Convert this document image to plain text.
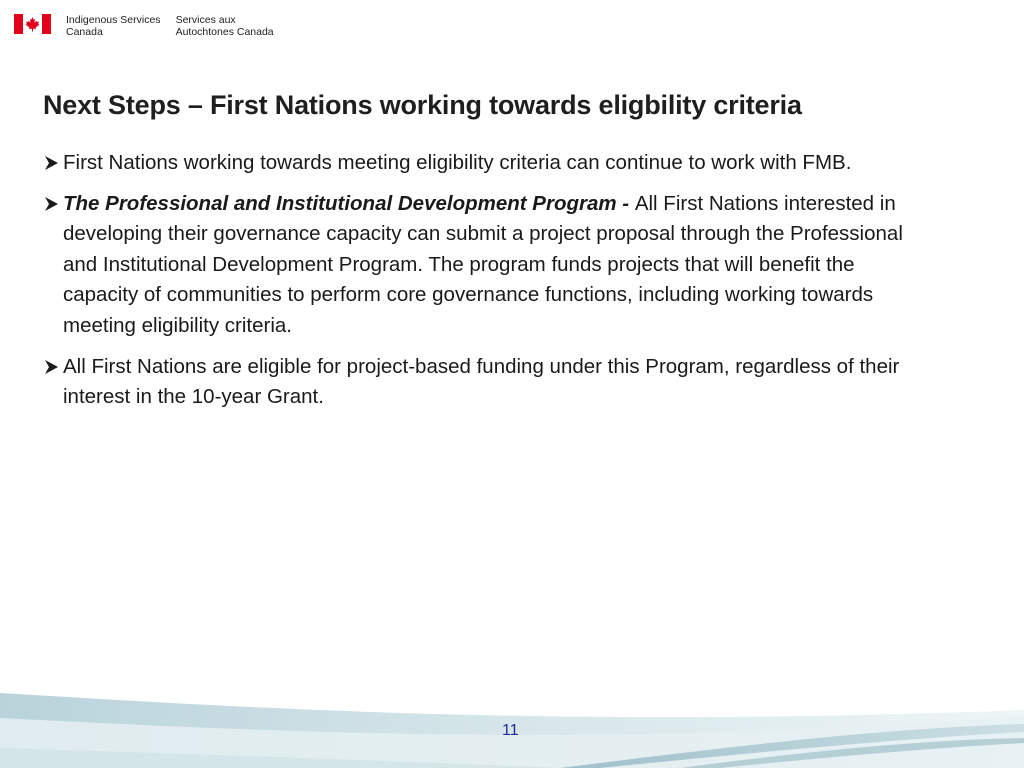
Indigenous Services
Canada
Services aux
Autochtones Canada
Next Steps – First Nations working towards eligbility criteria
First Nations working towards meeting eligibility criteria can continue to work with FMB.
The Professional and Institutional Development Program - All First Nations interested in developing their governance capacity can submit a project proposal through the Professional and Institutional Development Program. The program funds projects that will benefit the capacity of communities to perform core governance functions, including working towards meeting eligibility criteria.
All First Nations are eligible for project-based funding under this Program, regardless of their interest in the 10-year Grant.
11
